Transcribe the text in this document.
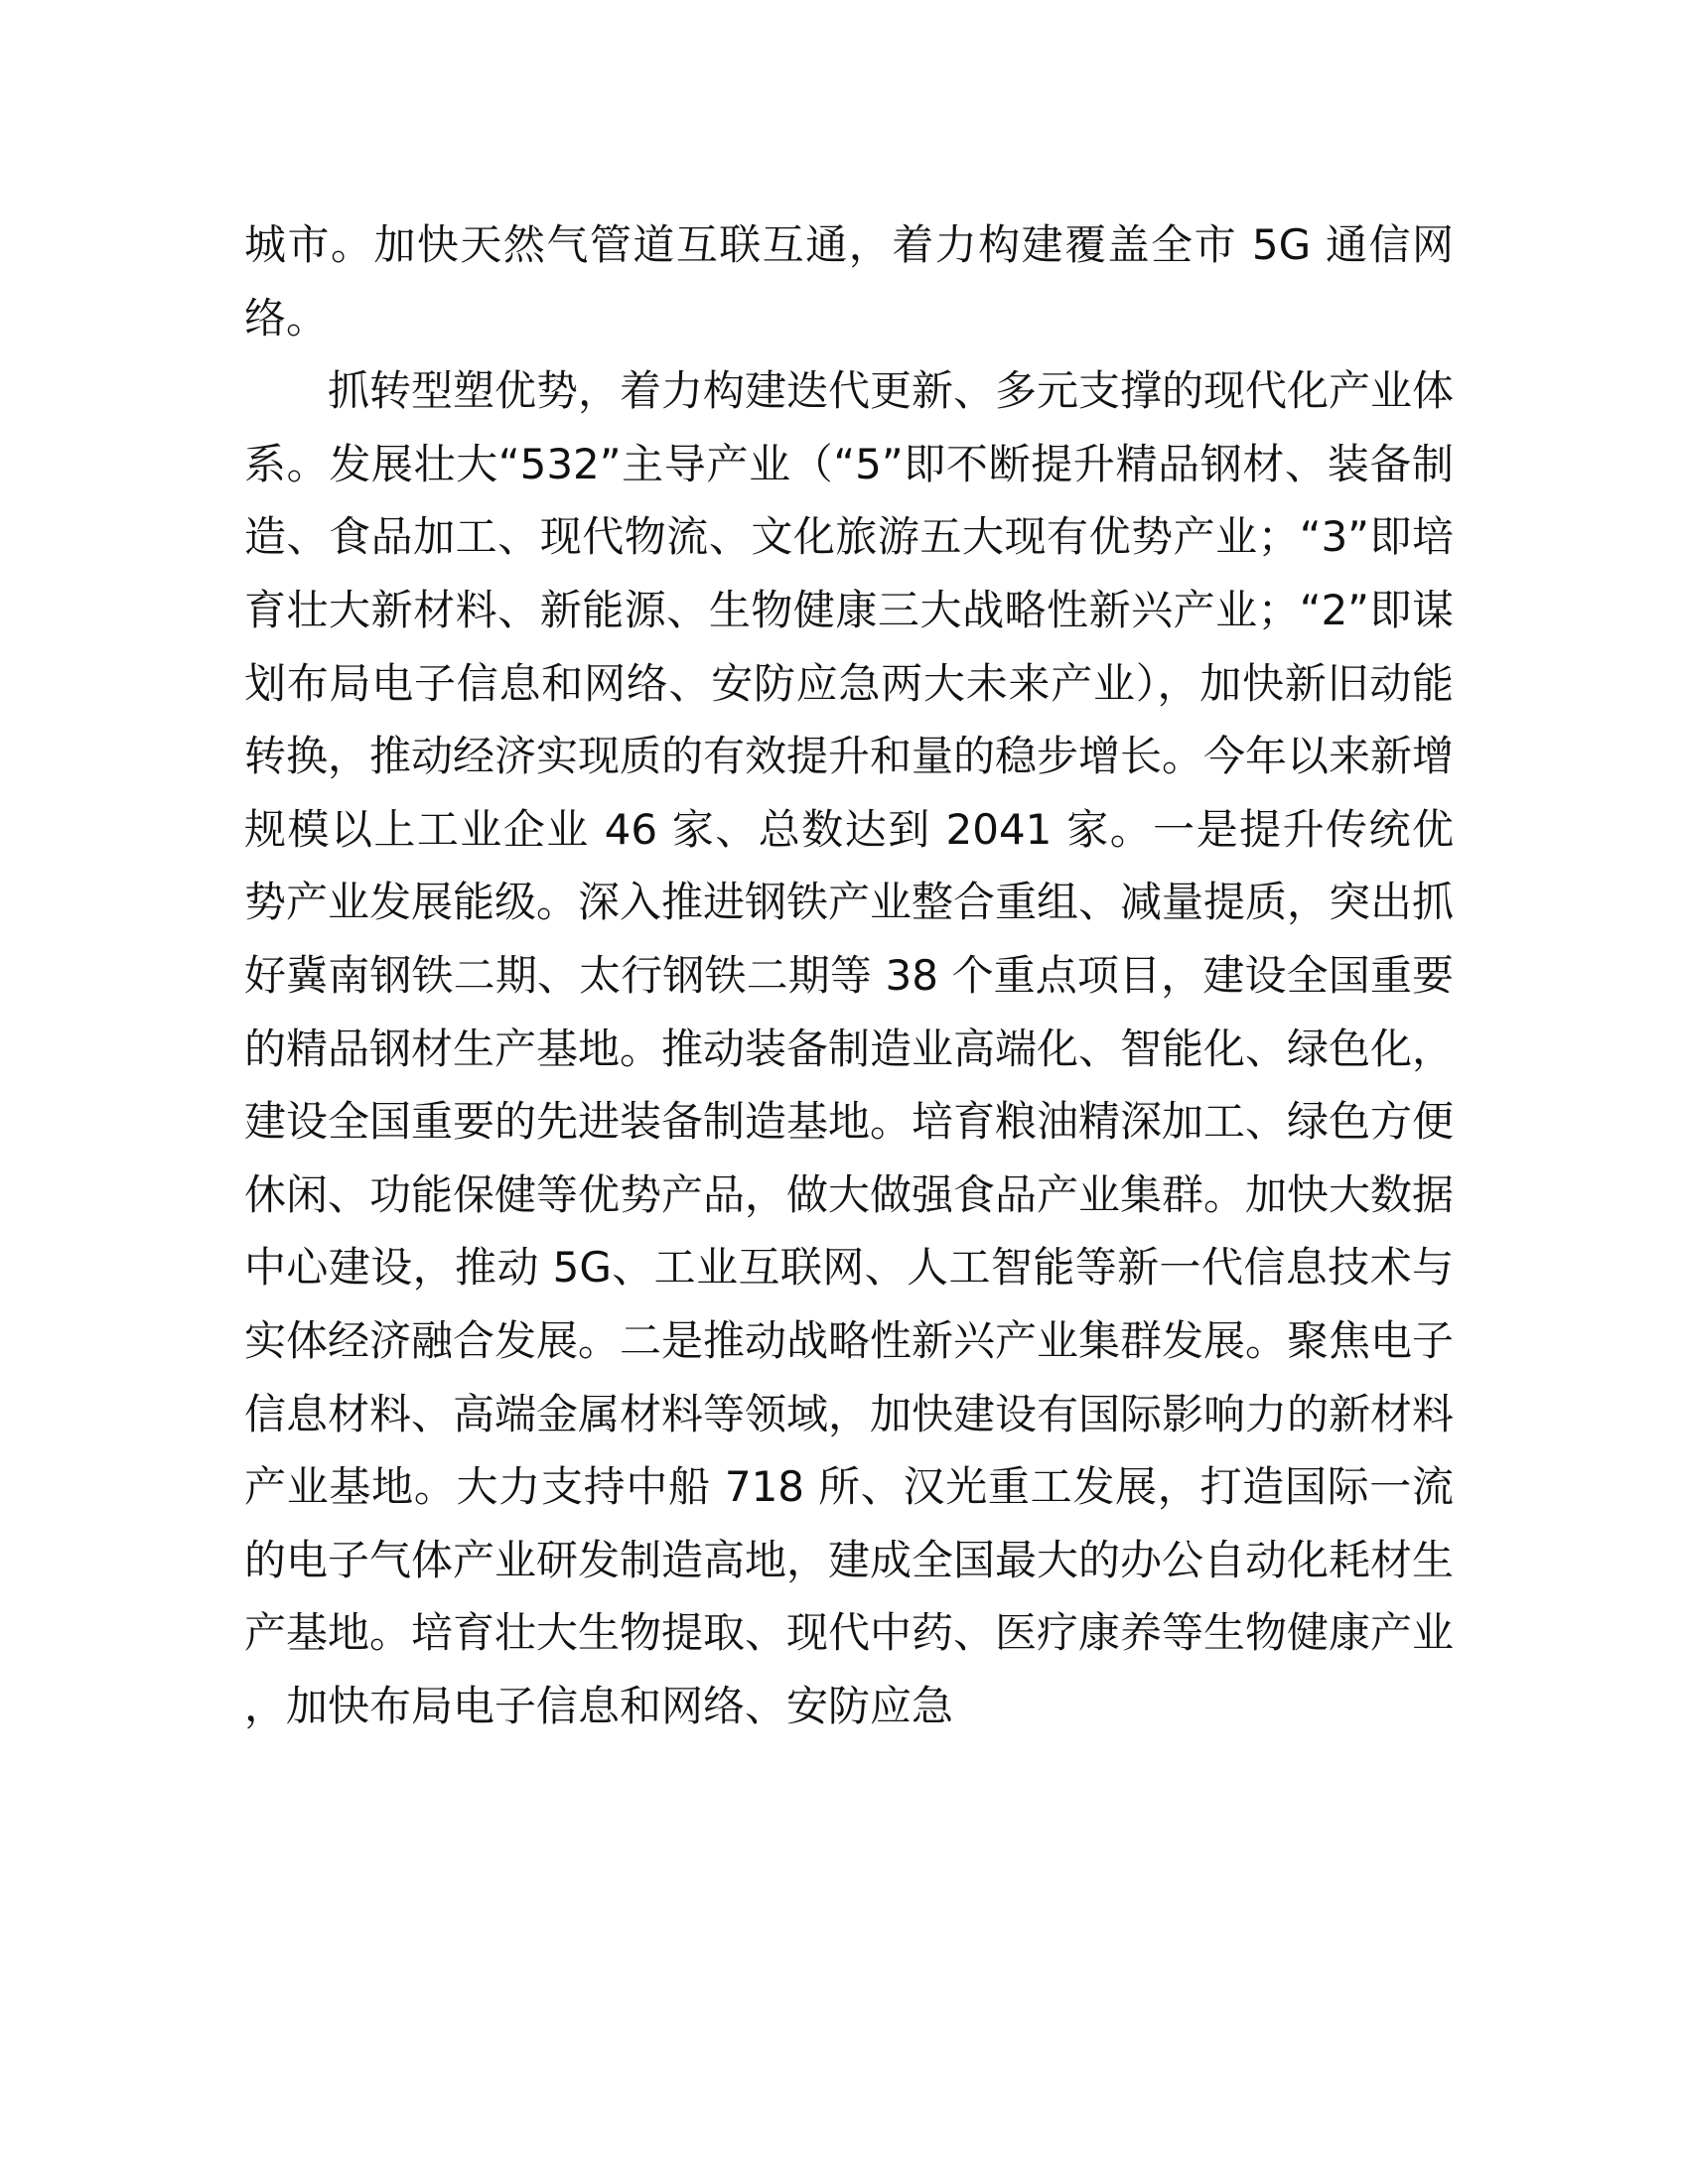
城市。加快天然气管道互联互通，着力构建覆盖全市 5G 通信网络。

抓转型塑优势，着力构建迭代更新、多元支撑的现代化产业体系。发展壮大“532”主导产业（“5”即不断提升精品钢材、装备制造、食品加工、现代物流、文化旅游五大现有优势产业；“3”即培育壮大新材料、新能源、生物健康三大战略性新兴产业；“2”即谋划布局电子信息和网络、安防应急两大未来产业），加快新旧动能转换，推动经济实现质的有效提升和量的稳步增长。今年以来新增规模以上工业企业 46 家、总数达到 2041 家。一是提升传统优势产业发展能级。深入推进钢铁产业整合重组、减量提质，突出抓好冀南钢铁二期、太行钢铁二期等 38 个重点项目，建设全国重要的精品钢材生产基地。推动装备制造业高端化、智能化、绿色化，建设全国重要的先进装备制造基地。培育粮油精深加工、绿色方便休闲、功能保健等优势产品，做大做强食品产业集群。加快大数据中心建设，推动 5G、工业互联网、人工智能等新一代信息技术与实体经济融合发展。二是推动战略性新兴产业集群发展。聚焦电子信息材料、高端金属材料等领域，加快建设有国际影响力的新材料产业基地。大力支持中船 718 所、汉光重工发展，打造国际一流的电子气体产业研发制造高地，建成全国最大的办公自动化耗材生产基地。培育壮大生物提取、现代中药、医疗康养等生物健康产业，加快布局电子信息和网络、安防应急
